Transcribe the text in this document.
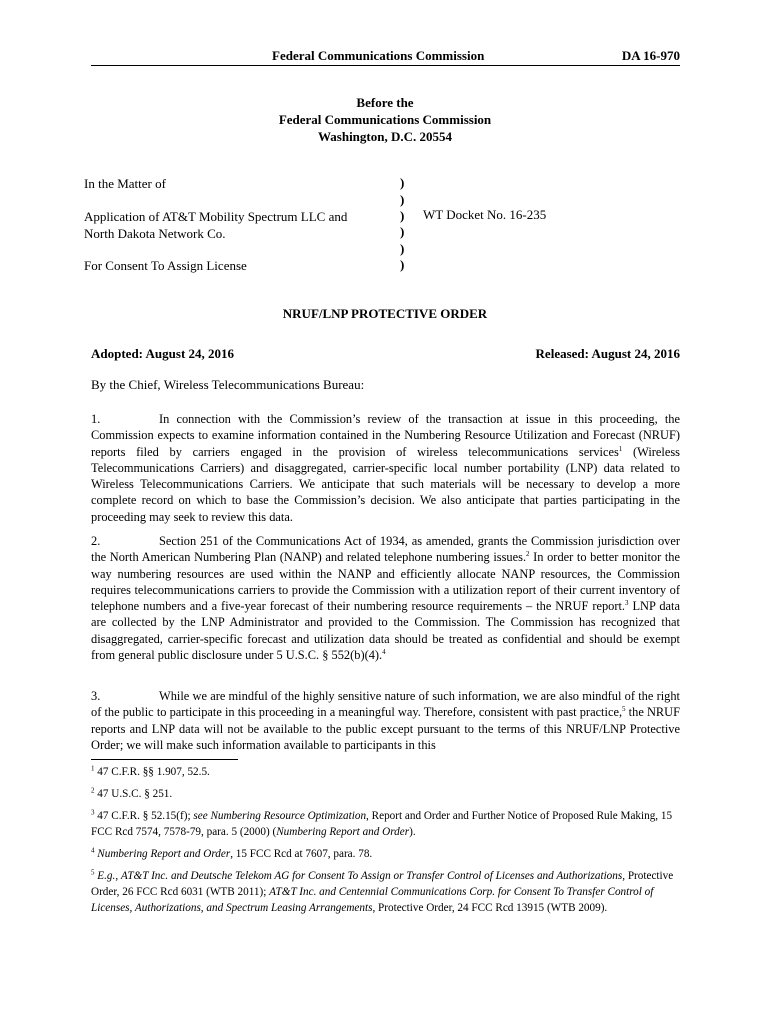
Federal Communications Commission	DA 16-970
Before the
Federal Communications Commission
Washington, D.C. 20554
In the Matter of
Application of AT&T Mobility Spectrum LLC and
North Dakota Network Co.
For Consent To Assign License
)
)
)
)
)
)
WT Docket No. 16-235
NRUF/LNP PROTECTIVE ORDER
Adopted: August 24, 2016	Released: August 24, 2016
By the Chief, Wireless Telecommunications Bureau:
1.	In connection with the Commission’s review of the transaction at issue in this proceeding, the Commission expects to examine information contained in the Numbering Resource Utilization and Forecast (NRUF) reports filed by carriers engaged in the provision of wireless telecommunications services$^1$ (Wireless Telecommunications Carriers) and disaggregated, carrier-specific local number portability (LNP) data related to Wireless Telecommunications Carriers. We anticipate that such materials will be necessary to develop a more complete record on which to base the Commission’s decision. We also anticipate that parties participating in the proceeding may seek to review this data.
2.	Section 251 of the Communications Act of 1934, as amended, grants the Commission jurisdiction over the North American Numbering Plan (NANP) and related telephone numbering issues.$^2$ In order to better monitor the way numbering resources are used within the NANP and efficiently allocate NANP resources, the Commission requires telecommunications carriers to provide the Commission with a utilization report of their current inventory of telephone numbers and a five-year forecast of their numbering resource requirements – the NRUF report.$^3$ LNP data are collected by the LNP Administrator and provided to the Commission. The Commission has recognized that disaggregated, carrier-specific forecast and utilization data should be treated as confidential and should be exempt from general public disclosure under 5 U.S.C. § 552(b)(4).$^4$
3.	While we are mindful of the highly sensitive nature of such information, we are also mindful of the right of the public to participate in this proceeding in a meaningful way. Therefore, consistent with past practice,$^5$ the NRUF reports and LNP data will not be available to the public except pursuant to the terms of this NRUF/LNP Protective Order; we will make such information available to participants in this
$^1$ 47 C.F.R. §§ 1.907, 52.5.
$^2$ 47 U.S.C. § 251.
$^3$ 47 C.F.R. § 52.15(f); see Numbering Resource Optimization, Report and Order and Further Notice of Proposed Rule Making, 15 FCC Rcd 7574, 7578-79, para. 5 (2000) (Numbering Report and Order).
$^4$ Numbering Report and Order, 15 FCC Rcd at 7607, para. 78.
$^5$ E.g., AT&T Inc. and Deutsche Telekom AG for Consent To Assign or Transfer Control of Licenses and Authorizations, Protective Order, 26 FCC Rcd 6031 (WTB 2011); AT&T Inc. and Centennial Communications Corp. for Consent To Transfer Control of Licenses, Authorizations, and Spectrum Leasing Arrangements, Protective Order, 24 FCC Rcd 13915 (WTB 2009).
